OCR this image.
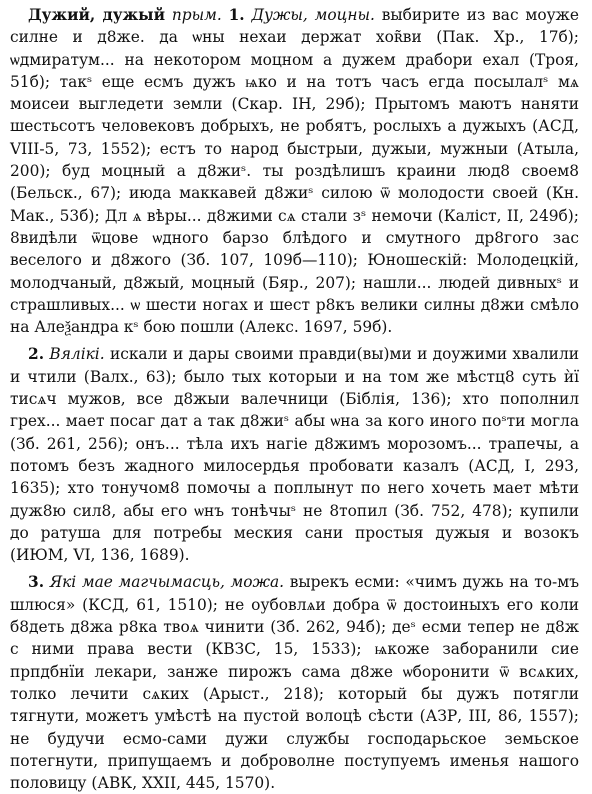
Дужий, дужый прым. 1. Дужы, моцны. выбирите из вас моуже силне и д8же. да ѡны нехаи держат хоʀ̃ви (Пак. Хр., 17б); ѡдмиратум... на некотором моцном а дужем драбори ехал (Троя, 51б); такˢ еще есмъ дужъ ѩко и на тотъ часъ егда посылалˢ мѧ моисеи выгледети земли (Скар. ІН, 29б); Прытомъ маютъ наняти шестьсотъ человековъ добрыхъ, не робятъ, рослыхъ а дужыхъ (АСД, VIII-5, 73, 1552); естъ то народ быстрыи, дужыи, мужныи (Атыла, 200); буд моцный а д8жиˢ. ты роздѣлишъ краини люд8 своем8 (Бельск., 67); июда маккавей д8жиˢ силою ѿ молодости своей (Кн. Мак., 53б); Дл ѧ вѣры... д8жими сѧ стали зˢ немочи (Каліст, II, 249б); 8видѣли ѿцове ѡдного барзо блѣдого и смутного др8гого зас веселого и д8жого (Зб. 107, 109б—110); Юношескій: Молодецкій, молодчаный, д8жый, моцный (Бяр., 207); нашли... людей дивныхˢ и страшливых... ѡ шести ногах и шест р8къ велики силны д8жи смѣло на Алеѯандра кˢ бою пошли (Алекс. 1697, 59б).

2. Вялікі. искали и дары своими правди(вы)ми и доужими хвалили и чтили (Валх., 63); было тых которыи и на том же мѣстц8 суть ѝї тисѧч мужов, все д8жыи валечници (Біблія, 136); хто пополнил грех... мает посаг дат а так д8жиˢ абы ѡна за кого иного поˢти могла (Зб. 261, 256); онъ... тѣла ихъ нагіе д8жимъ морозомъ... трапечы, а потомъ безъ жадного милосердья пробовати казалъ (АСД, I, 293, 1635); хто тонучом8 помочы а поплынут по него хочеть мает мѣти дуж8ю сил8, абы его ѡнъ тонѣчыˢ не 8топил (Зб. 752, 478); купили до ратуша для потребы меския сани простыя дужыя и возокъ (ИЮМ, VI, 136, 1689).

3. Які мае магчымасць, можа. вырекъ есми: «чимъ дужь на то-мъ шлюся» (КСД, 61, 1510); не оубовлѧи добра ѿ достоиныхъ его коли б8деть д8жа р8ка твоѧ чинити (Зб. 262, 94б); деˢ есми тепер не д8ж с ними права вести (КВЗС, 15, 1533); ѩкоже заборанили сие прпдбнїи лекари, занже пирожъ сама д8же ѡборонити ѿ всѧких, толко лечити сѧких (Арыст., 218); который бы дужъ потягли тягнути, можетъ умѣстѣ на пустой волоцѣ сѣсти (АЗР, III, 86, 1557); не будучи есмо-сами дужи службы господарьское земьское потегнути, припущаемъ и доброволне поступуемъ именья нашого половицу (АВК, XXII, 445, 1570).
